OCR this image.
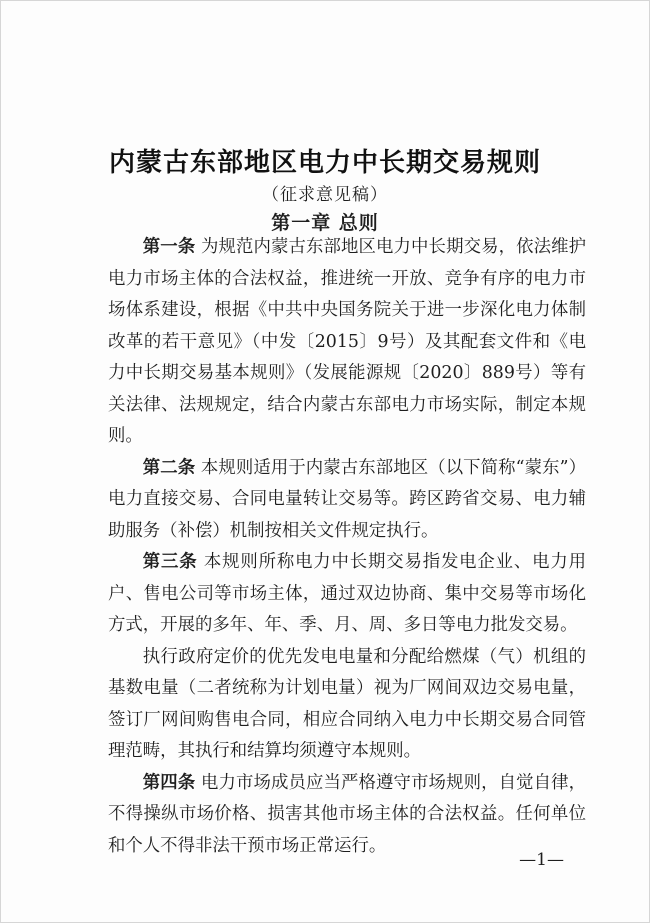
内蒙古东部地区电力中长期交易规则
（征求意见稿）
第一章 总则

第一条 为规范内蒙古东部地区电力中长期交易，依法维护电力市场主体的合法权益，推进统一开放、竞争有序的电力市场体系建设，根据《中共中央国务院关于进一步深化电力体制改革的若干意见》（中发〔2015〕9号）及其配套文件和《电力中长期交易基本规则》（发展能源规〔2020〕889号）等有关法律、法规规定，结合内蒙古东部电力市场实际，制定本规则。

第二条 本规则适用于内蒙古东部地区（以下简称“蒙东”）电力直接交易、合同电量转让交易等。跨区跨省交易、电力辅助服务（补偿）机制按相关文件规定执行。

第三条 本规则所称电力中长期交易指发电企业、电力用户、售电公司等市场主体，通过双边协商、集中交易等市场化方式，开展的多年、年、季、月、周、多日等电力批发交易。

执行政府定价的优先发电电量和分配给燃煤（气）机组的基数电量（二者统称为计划电量）视为厂网间双边交易电量，签订厂网间购售电合同，相应合同纳入电力中长期交易合同管理范畴，其执行和结算均须遵守本规则。

第四条 电力市场成员应当严格遵守市场规则，自觉自律，不得操纵市场价格、损害其他市场主体的合法权益。任何单位和个人不得非法干预市场正常运行。

—1—
